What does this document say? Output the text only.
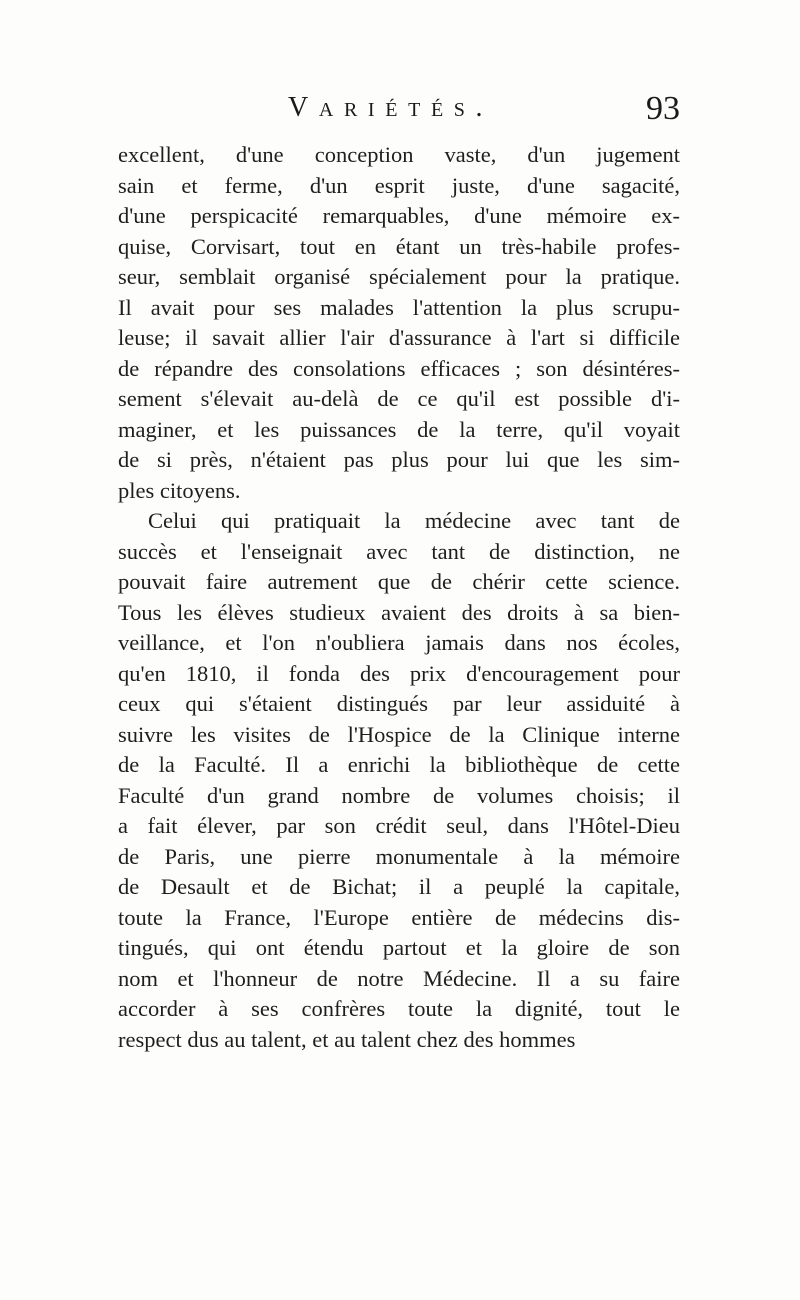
Variétés.	93
excellent, d'une conception vaste, d'un jugement
sain et ferme, d'un esprit juste, d'une sagacité,
d'une perspicacité remarquables, d'une mémoire ex-
quise, Corvisart, tout en étant un très-habile profes-
seur, semblait organisé spécialement pour la pratique.
Il avait pour ses malades l'attention la plus scrupu-
leuse; il savait allier l'air d'assurance à l'art si difficile
de répandre des consolations efficaces ; son désintéres-
sement s'élevait au-delà de ce qu'il est possible d'i-
maginer, et les puissances de la terre, qu'il voyait
de si près, n'étaient pas plus pour lui que les sim-
ples citoyens.
Celui qui pratiquait la médecine avec tant de
succès et l'enseignait avec tant de distinction, ne
pouvait faire autrement que de chérir cette science.
Tous les élèves studieux avaient des droits à sa bien-
veillance, et l'on n'oubliera jamais dans nos écoles,
qu'en 1810, il fonda des prix d'encouragement pour
ceux qui s'étaient distingués par leur assiduité à
suivre les visites de l'Hospice de la Clinique interne
de la Faculté. Il a enrichi la bibliothèque de cette
Faculté d'un grand nombre de volumes choisis; il
a fait élever, par son crédit seul, dans l'Hôtel-Dieu
de Paris, une pierre monumentale à la mémoire
de Desault et de Bichat; il a peuplé la capitale,
toute la France, l'Europe entière de médecins dis-
tingués, qui ont étendu partout et la gloire de son
nom et l'honneur de notre Médecine. Il a su faire
accorder à ses confrères toute la dignité, tout le
respect dus au talent, et au talent chez des hommes
